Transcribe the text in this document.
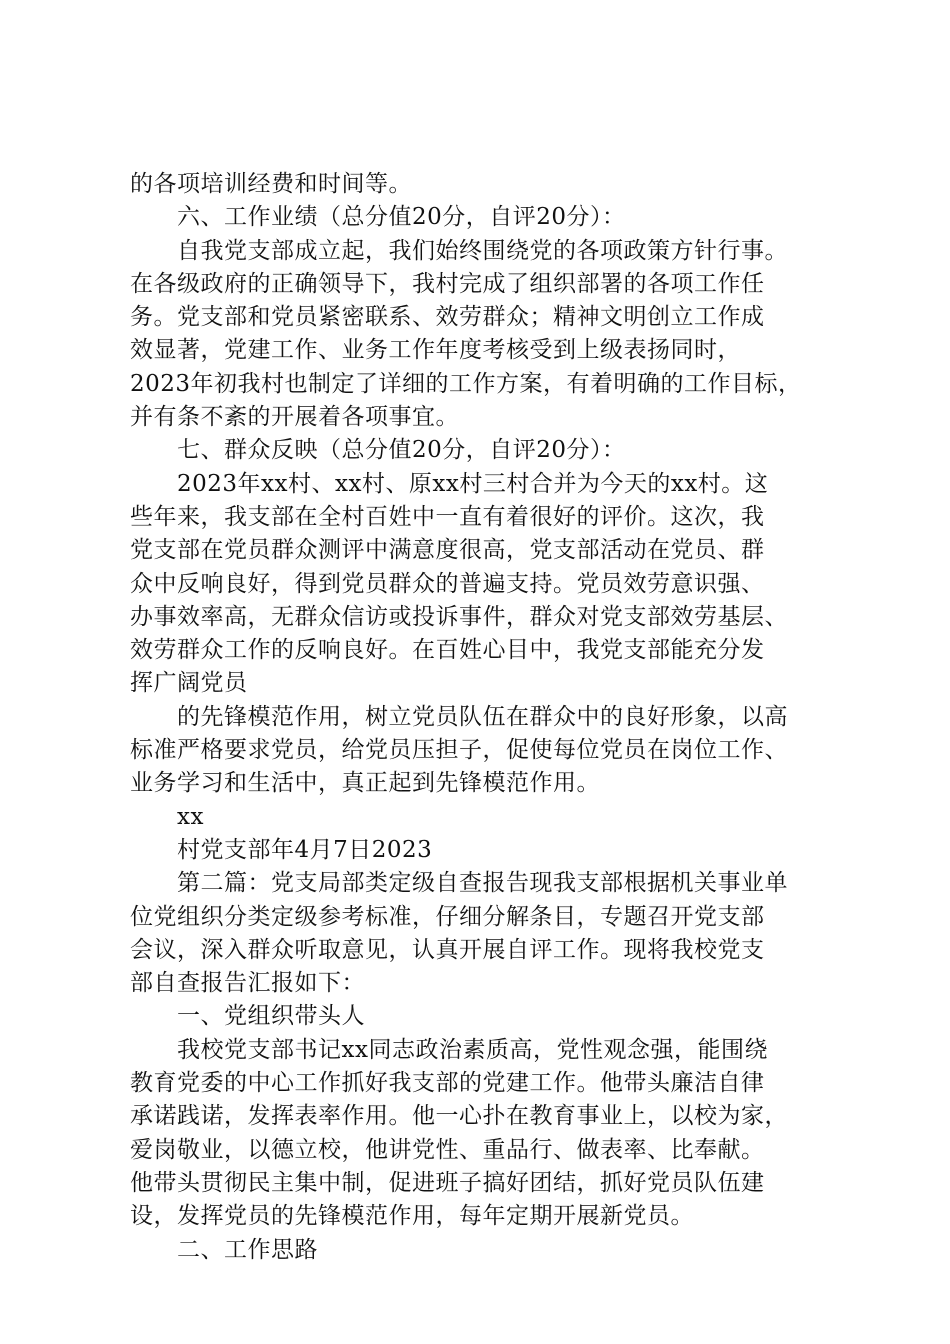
的各项培训经费和时间等。
六、工作业绩（总分值20分，自评20分）：
自我党支部成立起，我们始终围绕党的各项政策方针行事。
在各级政府的正确领导下，我村完成了组织部署的各项工作任
务。党支部和党员紧密联系、效劳群众；精神文明创立工作成
效显著，党建工作、业务工作年度考核受到上级表扬同时，
2023年初我村也制定了详细的工作方案，有着明确的工作目标，
并有条不紊的开展着各项事宜。
七、群众反映（总分值20分，自评20分）：
2023年xx村、xx村、原xx村三村合并为今天的xx村。这
些年来，我支部在全村百姓中一直有着很好的评价。这次，我
党支部在党员群众测评中满意度很高，党支部活动在党员、群
众中反响良好，得到党员群众的普遍支持。党员效劳意识强、
办事效率高，无群众信访或投诉事件，群众对党支部效劳基层、
效劳群众工作的反响良好。在百姓心目中，我党支部能充分发
挥广阔党员
的先锋模范作用，树立党员队伍在群众中的良好形象，以高
标准严格要求党员，给党员压担子，促使每位党员在岗位工作、
业务学习和生活中，真正起到先锋模范作用。
xx
村党支部年4月7日2023
第二篇：党支局部类定级自查报告现我支部根据机关事业单
位党组织分类定级参考标准，仔细分解条目，专题召开党支部
会议，深入群众听取意见，认真开展自评工作。现将我校党支
部自查报告汇报如下：
一、党组织带头人
我校党支部书记xx同志政治素质高，党性观念强，能围绕
教育党委的中心工作抓好我支部的党建工作。他带头廉洁自律
承诺践诺，发挥表率作用。他一心扑在教育事业上，以校为家，
爱岗敬业，以德立校，他讲党性、重品行、做表率、比奉献。
他带头贯彻民主集中制，促进班子搞好团结，抓好党员队伍建
设，发挥党员的先锋模范作用，每年定期开展新党员。
二、工作思路
